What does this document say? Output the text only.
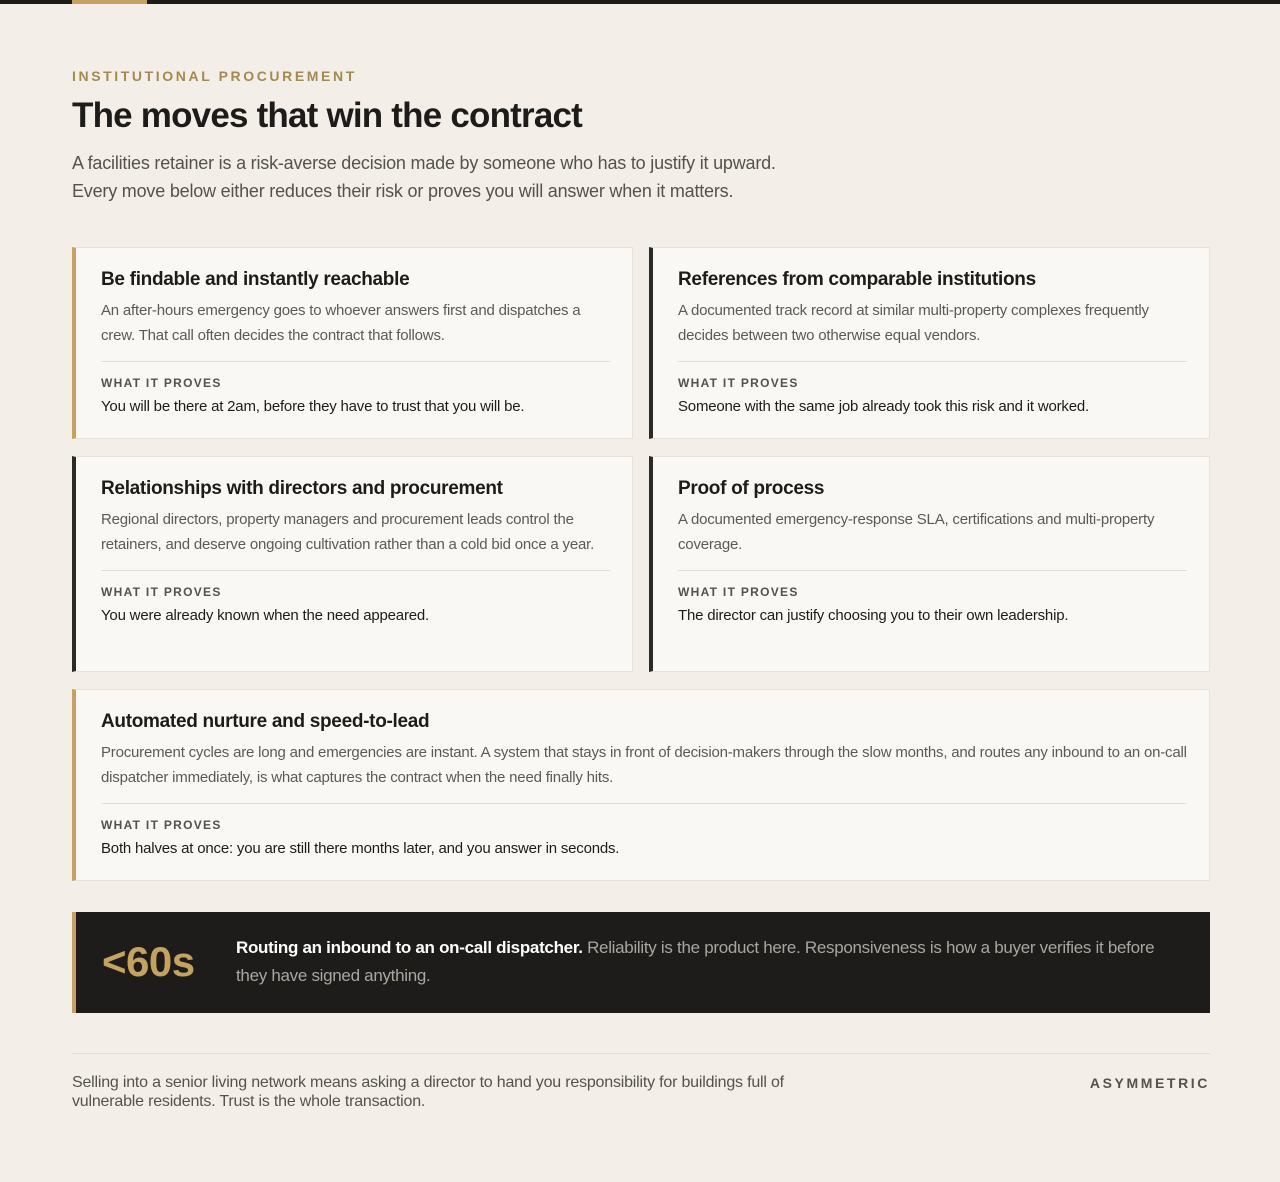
INSTITUTIONAL PROCUREMENT
The moves that win the contract

A facilities retainer is a risk-averse decision made by someone who has to justify it upward.
Every move below either reduces their risk or proves you will answer when it matters.

Be findable and instantly reachable

An after-hours emergency goes to whoever answers first and dispatches a crew. That call often decides the contract that follows.

WHAT IT PROVES
You will be there at 2am, before they have to trust that you will be.
References from comparable institutions

A documented track record at similar multi-property complexes frequently decides between two otherwise equal vendors.

WHAT IT PROVES
Someone with the same job already took this risk and it worked.
Relationships with directors and procurement

Regional directors, property managers and procurement leads control the retainers, and deserve ongoing cultivation rather than a cold bid once a year.

WHAT IT PROVES
You were already known when the need appeared.
Proof of process

A documented emergency-response SLA, certifications and multi-property coverage.

WHAT IT PROVES
The director can justify choosing you to their own leadership.
Automated nurture and speed-to-lead

Procurement cycles are long and emergencies are instant. A system that stays in front of decision-makers through the slow months, and routes any inbound to an on-call dispatcher immediately, is what captures the contract when the need finally hits.

WHAT IT PROVES
Both halves at once: you are still there months later, and you answer in seconds.
<60s Routing an inbound to an on-call dispatcher. Reliability is the product here. Responsiveness is how a buyer verifies it before they have signed anything.

Selling into a senior living network means asking a director to hand you responsibility for buildings full of vulnerable residents. Trust is the whole transaction.

ASYMMETRIC
